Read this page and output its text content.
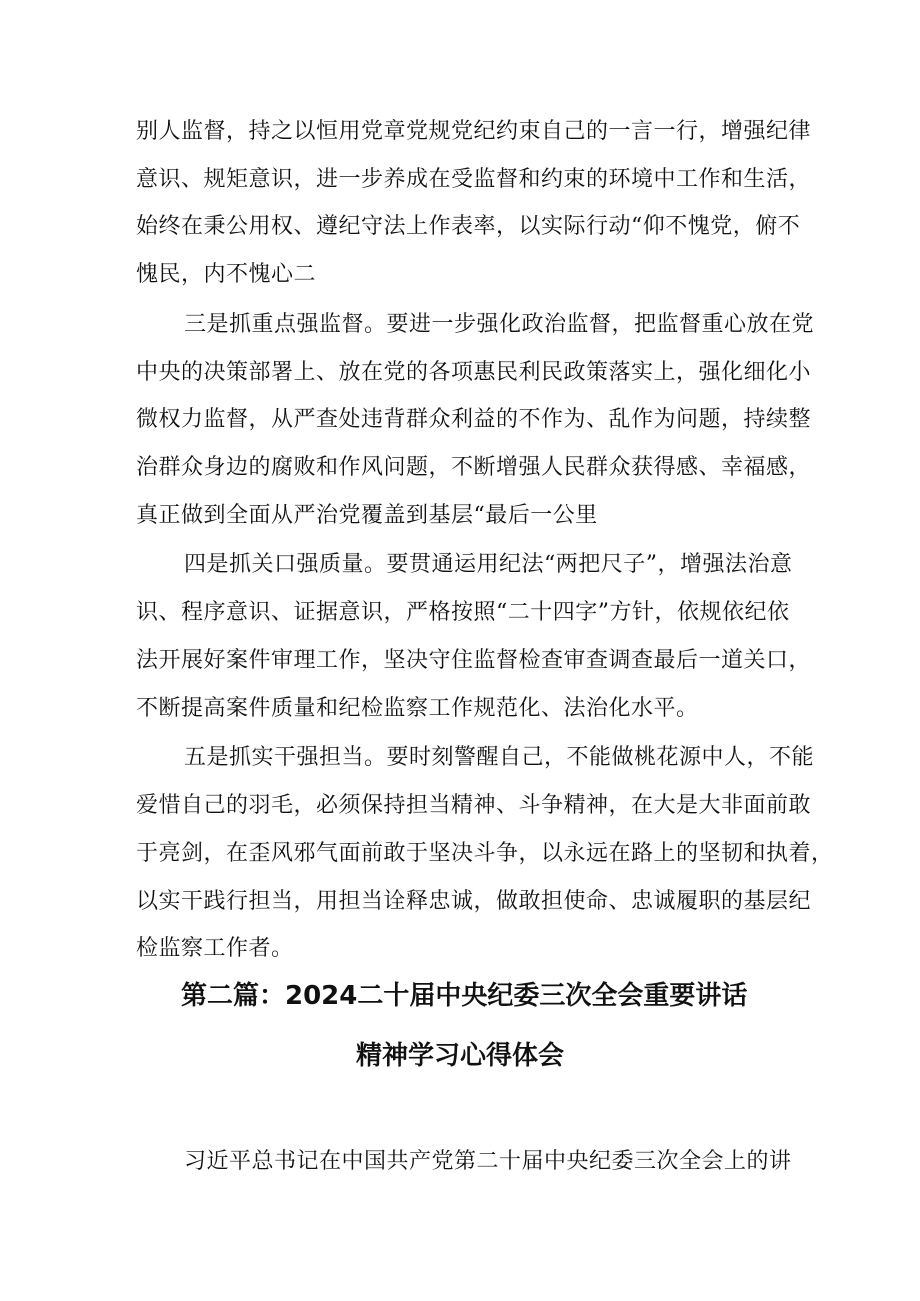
别人监督，持之以恒用党章党规党纪约束自己的一言一行，增强纪律
意识、规矩意识，进一步养成在受监督和约束的环境中工作和生活，
始终在秉公用权、遵纪守法上作表率，以实际行动“仰不愧党，俯不
愧民，内不愧心二
三是抓重点强监督。要进一步强化政治监督，把监督重心放在党
中央的决策部署上、放在党的各项惠民利民政策落实上，强化细化小
微权力监督，从严查处违背群众利益的不作为、乱作为问题，持续整
治群众身边的腐败和作风问题，不断增强人民群众获得感、幸福感，
真正做到全面从严治党覆盖到基层“最后一公里
四是抓关口强质量。要贯通运用纪法“两把尺子”，增强法治意
识、程序意识、证据意识，严格按照“二十四字”方针，依规依纪依
法开展好案件审理工作，坚决守住监督检查审查调查最后一道关口，
不断提高案件质量和纪检监察工作规范化、法治化水平。
五是抓实干强担当。要时刻警醒自己，不能做桃花源中人，不能
爱惜自己的羽毛，必须保持担当精神、斗争精神，在大是大非面前敢
于亮剑，在歪风邪气面前敢于坚决斗争，以永远在路上的坚韧和执着，
以实干践行担当，用担当诠释忠诚，做敢担使命、忠诚履职的基层纪
检监察工作者。
第二篇：2024二十届中央纪委三次全会重要讲话
精神学习心得体会
习近平总书记在中国共产党第二十届中央纪委三次全会上的讲
